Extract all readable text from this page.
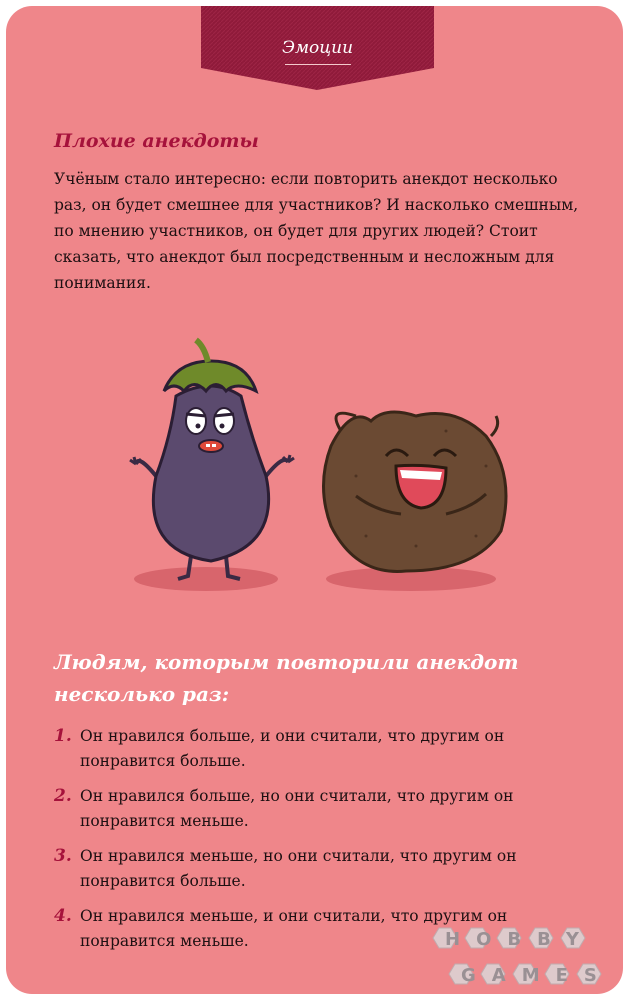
Эмоции
Плохие анекдоты

Учёным стало интересно: если повторить анекдот несколько раз, он будет смешнее для участников? И насколько смешным, по мнению участников, он будет для других людей? Стоит сказать, что анекдот был посредственным и несложным для понимания.

Людям, которым повторили анекдот несколько раз:
1. Он нравился больше, и они считали, что другим он понравится больше.
2. Он нравился больше, но они считали, что другим он понравится меньше.
3. Он нравился меньше, но они считали, что другим он понравится больше.
4. Он нравился меньше, и они считали, что другим он понравится меньше.	HOBBY
GAMES
